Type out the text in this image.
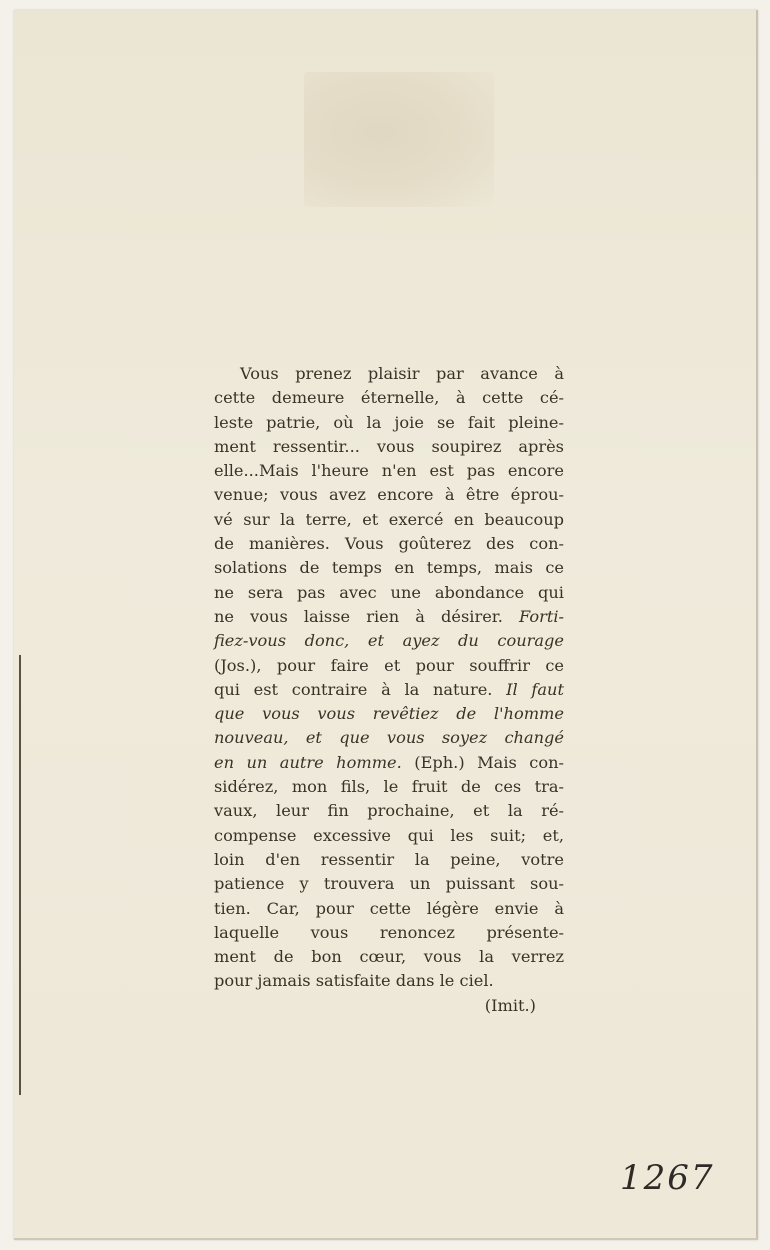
Vous prenez plaisir par avance à
cette demeure éternelle, à cette cé-
leste patrie, où la joie se fait pleine-
ment ressentir... vous soupirez après
elle...Mais l'heure n'en est pas encore
venue; vous avez encore à être éprou-
vé sur la terre, et exercé en beaucoup
de manières. Vous goûterez des con-
solations de temps en temps, mais ce
ne sera pas avec une abondance qui
ne vous laisse rien à désirer. Forti-
fiez-vous donc, et ayez du courage
(Jos.), pour faire et pour souffrir ce
qui est contraire à la nature. Il faut
que vous vous revêtiez de l'homme
nouveau, et que vous soyez changé
en un autre homme. (Eph.) Mais con-
sidérez, mon fils, le fruit de ces tra-
vaux, leur fin prochaine, et la ré-
compense excessive qui les suit; et,
loin d'en ressentir la peine, votre
patience y trouvera un puissant sou-
tien. Car, pour cette légère envie à
laquelle vous renoncez présente-
ment de bon cœur, vous la verrez
pour jamais satisfaite dans le ciel.
(Imit.)
1267
